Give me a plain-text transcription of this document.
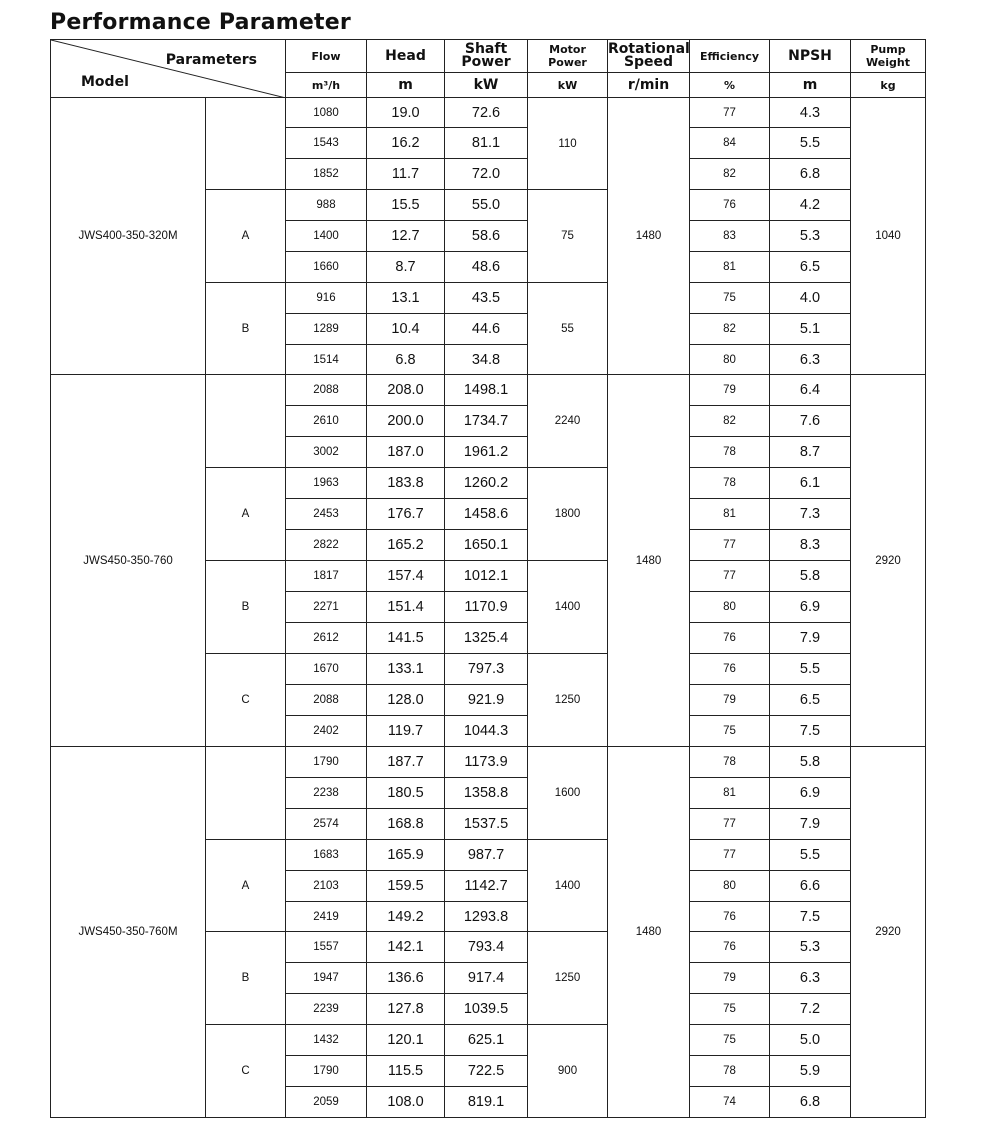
Performance Parameter
Parameters
Model		Flow	Head	Shaft Power	Motor Power	Rotational Speed	Efficiency	NPSH	Pump Weight
		m³/h	m	kW	kW	r/min	%	m	kg
JWS400-350-320M		1080	19.0	72.6	110	1480	77	4.3	1040
		1543	16.2	81.1			84	5.5	
		1852	11.7	72.0			82	6.8	
	A	988	15.5	55.0	75		76	4.2	
		1400	12.7	58.6			83	5.3	
		1660	8.7	48.6			81	6.5	
	B	916	13.1	43.5	55		75	4.0	
		1289	10.4	44.6			82	5.1	
		1514	6.8	34.8			80	6.3	
JWS450-350-760		2088	208.0	1498.1	2240	1480	79	6.4	2920
		2610	200.0	1734.7			82	7.6	
		3002	187.0	1961.2			78	8.7	
	A	1963	183.8	1260.2	1800		78	6.1	
		2453	176.7	1458.6			81	7.3	
		2822	165.2	1650.1			77	8.3	
	B	1817	157.4	1012.1	1400		77	5.8	
		2271	151.4	1170.9			80	6.9	
		2612	141.5	1325.4			76	7.9	
	C	1670	133.1	797.3	1250		76	5.5	
		2088	128.0	921.9			79	6.5	
		2402	119.7	1044.3			75	7.5	
JWS450-350-760M		1790	187.7	1173.9	1600	1480	78	5.8	2920
		2238	180.5	1358.8			81	6.9	
		2574	168.8	1537.5			77	7.9	
	A	1683	165.9	987.7	1400		77	5.5	
		2103	159.5	1142.7			80	6.6	
		2419	149.2	1293.8			76	7.5	
	B	1557	142.1	793.4	1250		76	5.3	
		1947	136.6	917.4			79	6.3	
		2239	127.8	1039.5			75	7.2	
	C	1432	120.1	625.1	900		75	5.0	
		1790	115.5	722.5			78	5.9	
		2059	108.0	819.1			74	6.8	
